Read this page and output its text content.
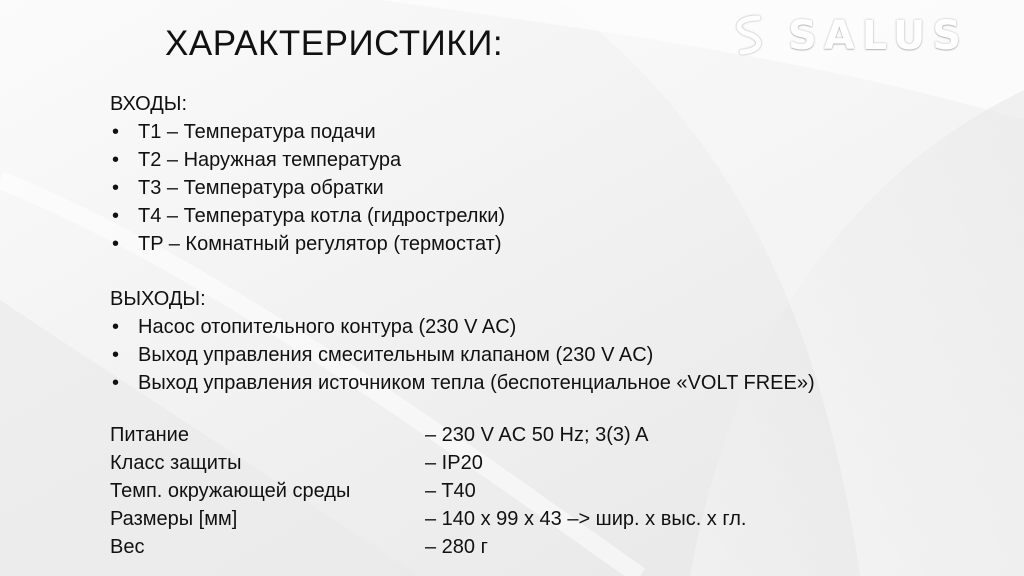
ХАРАКТЕРИСТИКИ:	SALUS

ВХОДЫ:

• T1 – Температура подачи
• T2 – Наружная температура
• T3 – Температура обратки
• T4 – Температура котла (гидрострелки)
• TP – Комнатный регулятор (термостат)

ВЫХОДЫ:

• Насос отопительного контура (230 V AC)
• Выход управления смесительным клапаном (230 V AC)
• Выход управления источником тепла (беспотенциальное «VOLT FREE»)
Питание	– 230 V AC 50 Hz; 3(3) A
Класс защиты	– IP20
Темп. окружающей среды	– T40
Размеры [мм]	– 140 x 99 x 43 –> шир. x выс. x гл.
Вес	– 280 г
